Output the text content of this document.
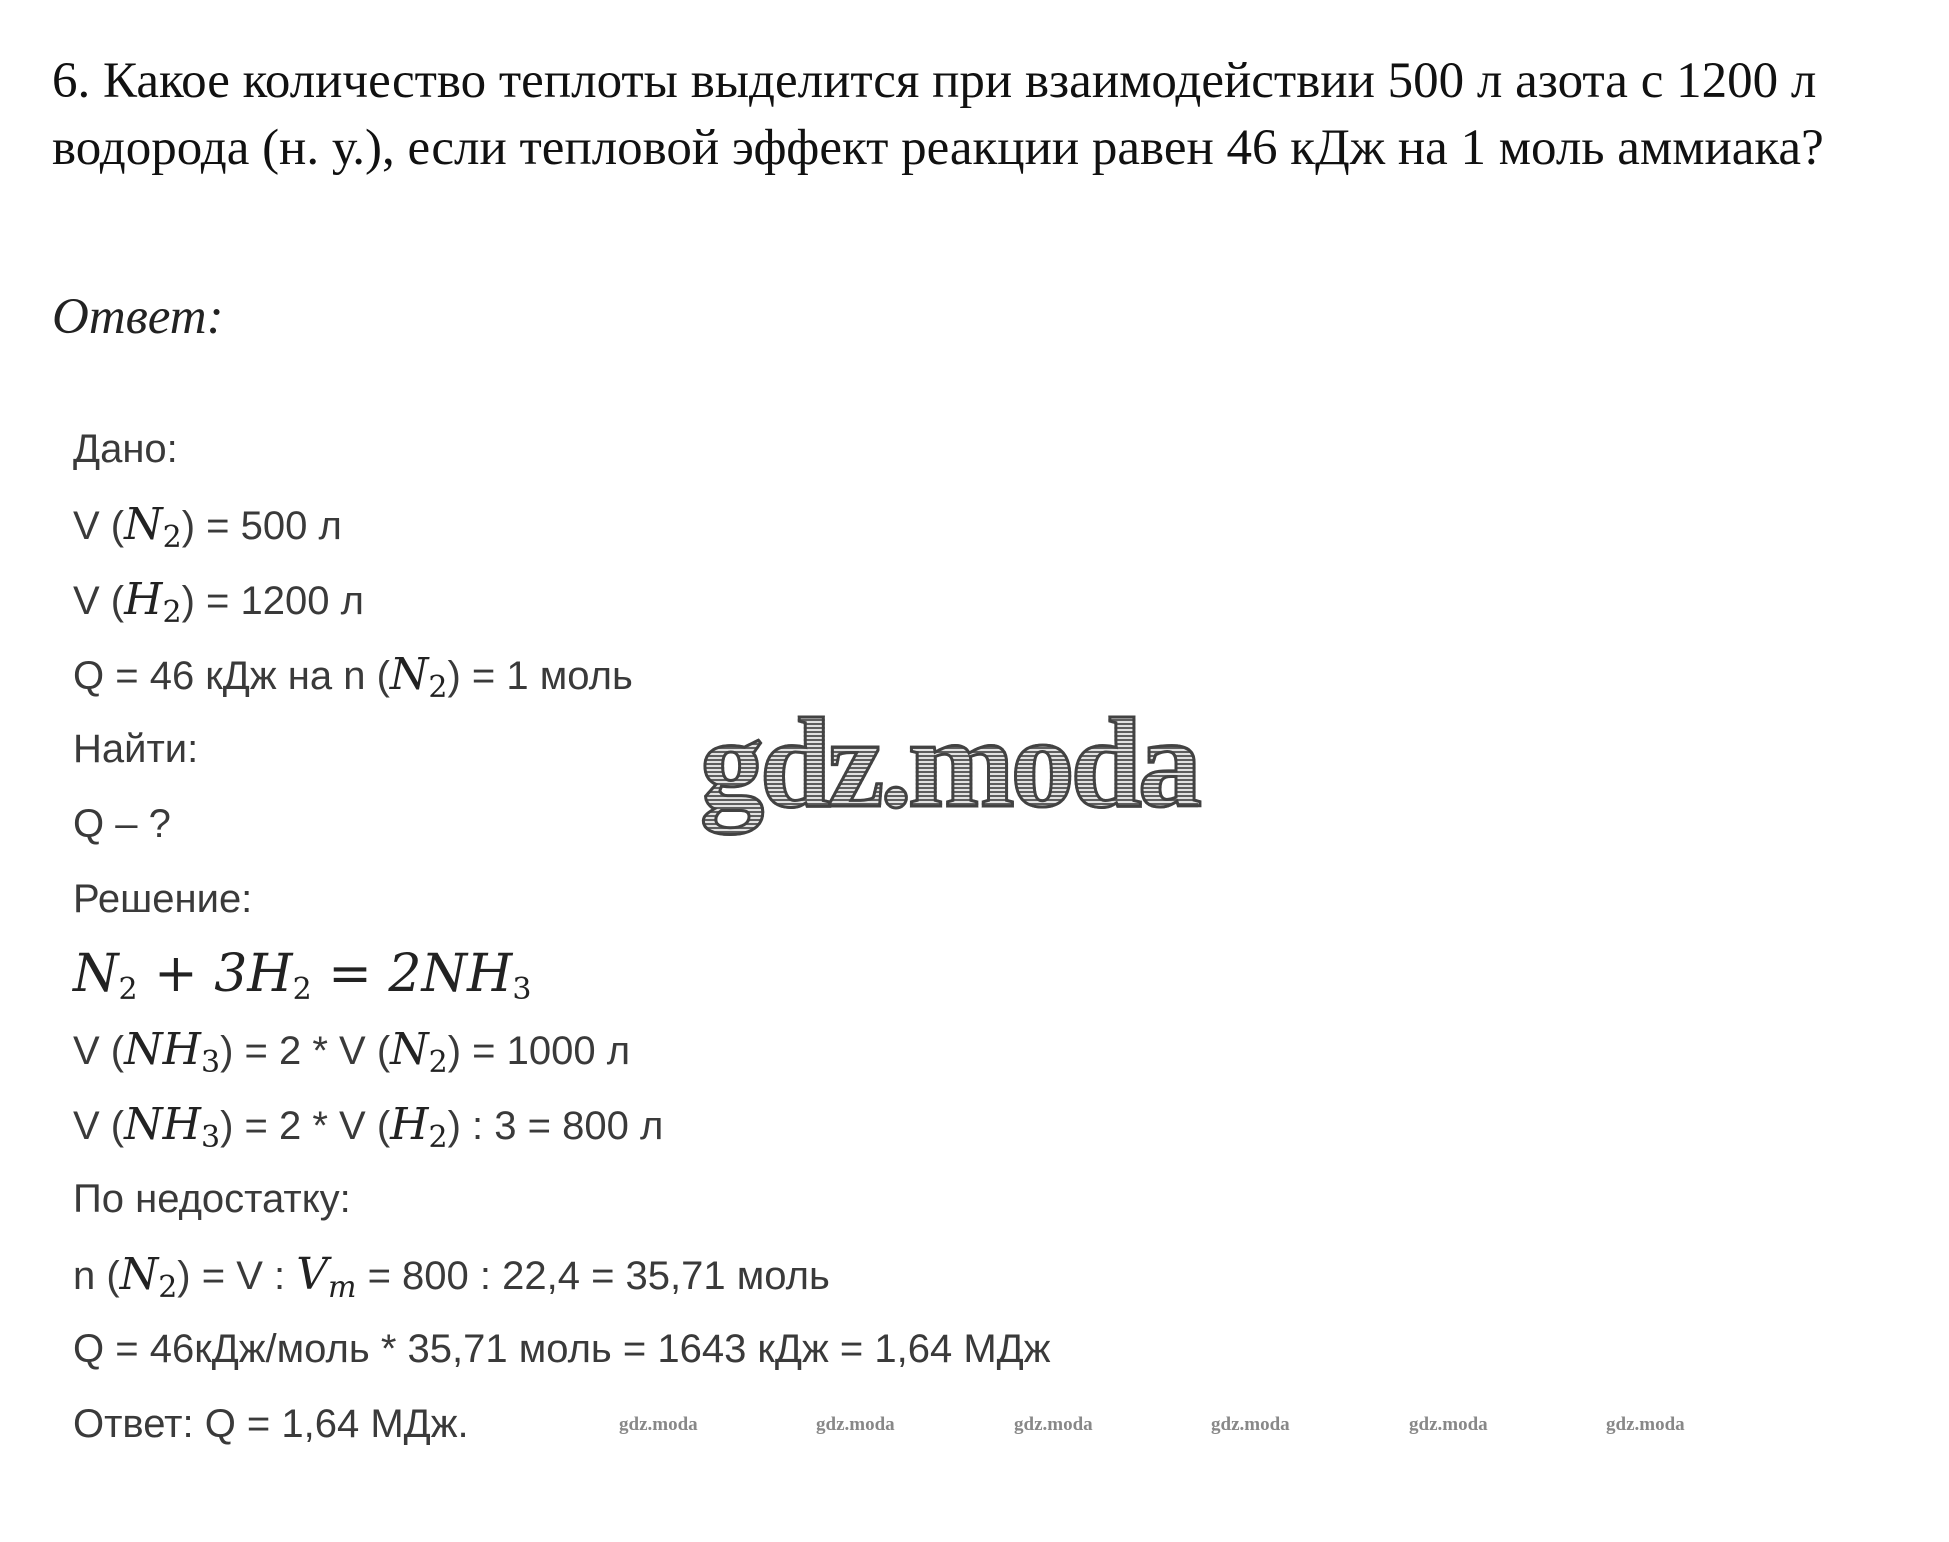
6. Какое количество теплоты выделится при взаимодействии 500 л азота с 1200 л водорода (н. у.), если тепловой эффект реакции равен 46 кДж на 1 моль аммиака?
Ответ:
Дано:
V (N2) = 500 л
V (H2) = 1200 л
Q = 46 кДж на n (N2) = 1 моль
Найти:
Q – ?
Решение:
N2 + 3H2 = 2NH3
V (NH3) = 2 * V (N2) = 1000 л
V (NH3) = 2 * V (H2) : 3 = 800 л
По недостатку:
n (N2) = V : Vm = 800 : 22,4 = 35,71 моль
Q = 46кДж/моль * 35,71 моль = 1643 кДж = 1,64 МДж
Ответ: Q = 1,64 МДж.
gdz.moda
gdz.moda	gdz.moda	gdz.moda	gdz.moda	gdz.moda	gdz.moda
